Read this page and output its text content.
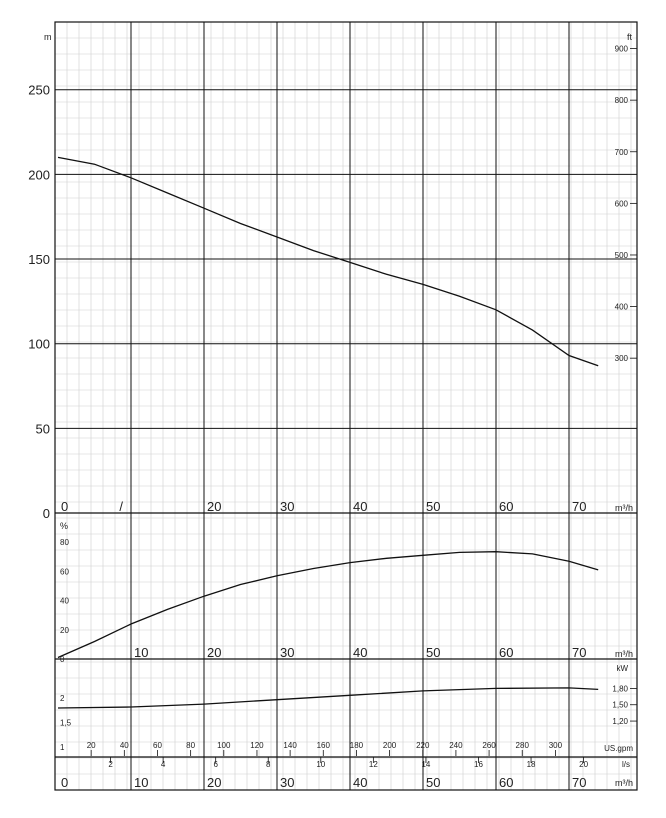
0
50
100
150
200
250
m
300
400
500
600
700
800
900
ft
0	/	20	30	40	50	60	70	m³/h
0
20
40
60
80
%
10	20	30	40	50	60	70	m³/h
1
1,5
2
1,20
1,50
1,80
kW
20	40	60	80	100 120 140 160 180 200 220 240 260 280 300	US.gpm
2	4	6	8	10	12	14	16	18	20	l/s
0	10	20	30	40	50	60	70	m³/h
